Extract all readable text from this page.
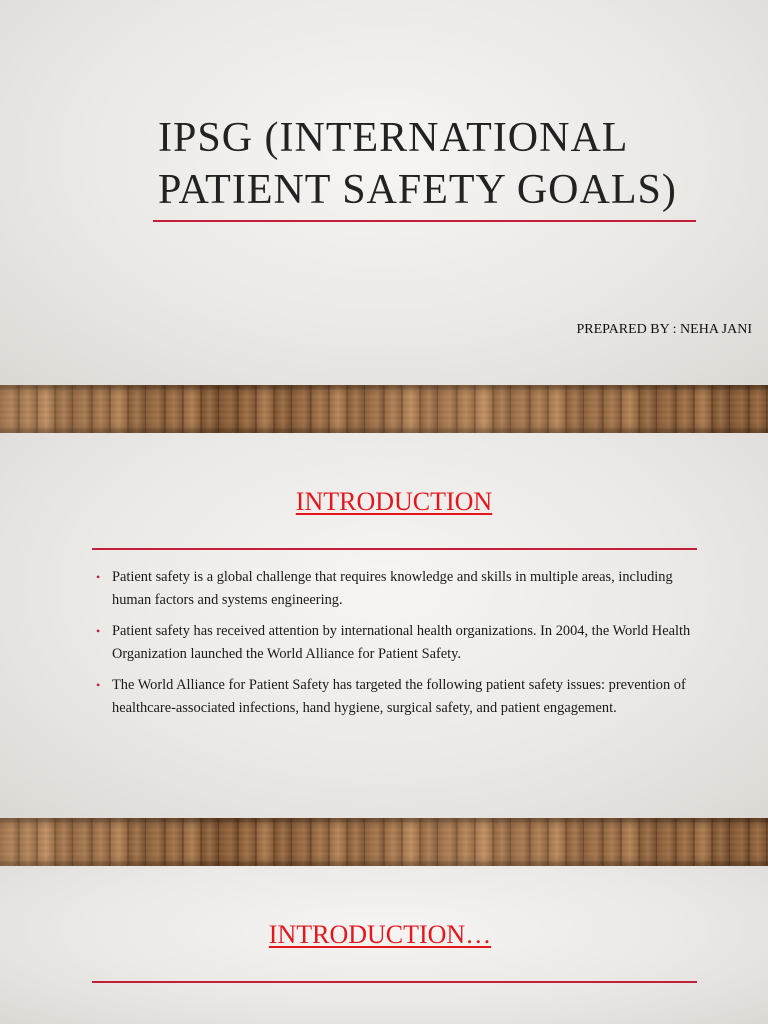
IPSG (INTERNATIONAL
PATIENT SAFETY GOALS)
PREPARED BY : NEHA JANI
INTRODUCTION
• Patient safety is a global challenge that requires knowledge and skills in multiple areas, including human factors and systems engineering.
• Patient safety has received attention by international health organizations. In 2004, the World Health Organization launched the World Alliance for Patient Safety.
• The World Alliance for Patient Safety has targeted the following patient safety issues: prevention of healthcare-associated infections, hand hygiene, surgical safety, and patient engagement.
INTRODUCTION…
